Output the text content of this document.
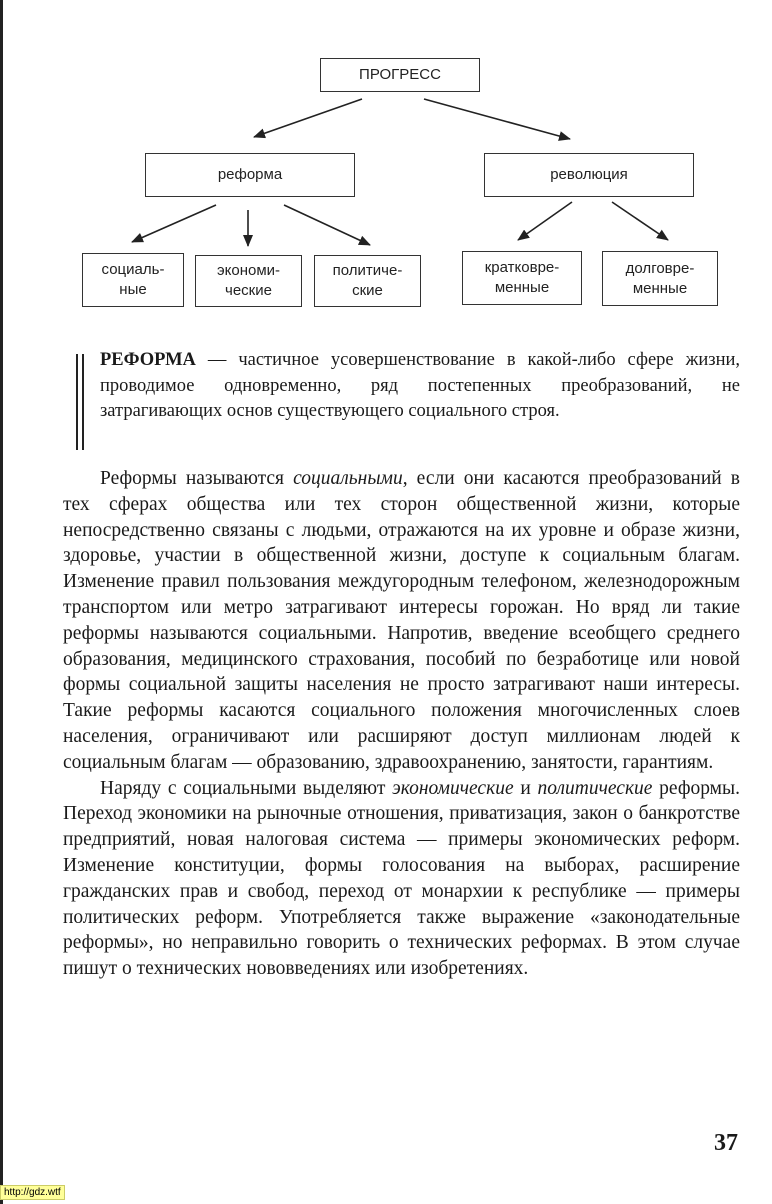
ПРОГРЕСС
реформа	революция
социаль-
ные
экономи-
ческие
политиче-
ские
кратковре-
менные
долговре-
менные
РЕФОРМА — частичное усовершенствование в какой-либо сфере жизни, проводимое одновременно, ряд постепенных преобразований, не затрагивающих основ существующего социального строя.

Реформы называются социальными, если они касаются преобразований в тех сферах общества или тех сторон общественной жизни, которые непосредственно связаны с людьми, отражаются на их уровне и образе жизни, здоровье, участии в общественной жизни, доступе к социальным благам. Изменение правил пользования междугородным телефоном, железнодорожным транспортом или метро затрагивают интересы горожан. Но вряд ли такие реформы называются социальными. Напротив, введение всеобщего среднего образования, медицинского страхования, пособий по безработице или новой формы социальной защиты населения не просто затрагивают наши интересы. Такие реформы касаются социального положения многочисленных слоев населения, ограничивают или расширяют доступ миллионам людей к социальным благам — образованию, здравоохранению, занятости, гарантиям.

Наряду с социальными выделяют экономические и политические реформы. Переход экономики на рыночные отношения, приватизация, закон о банкротстве предприятий, новая налоговая система — примеры экономических реформ. Изменение конституции, формы голосования на выборах, расширение гражданских прав и свобод, переход от монархии к республике — примеры политических реформ. Употребляется также выражение «законодательные реформы», но неправильно говорить о технических реформах. В этом случае пишут о технических нововведениях или изобретениях.

37
http://gdz.wtf
